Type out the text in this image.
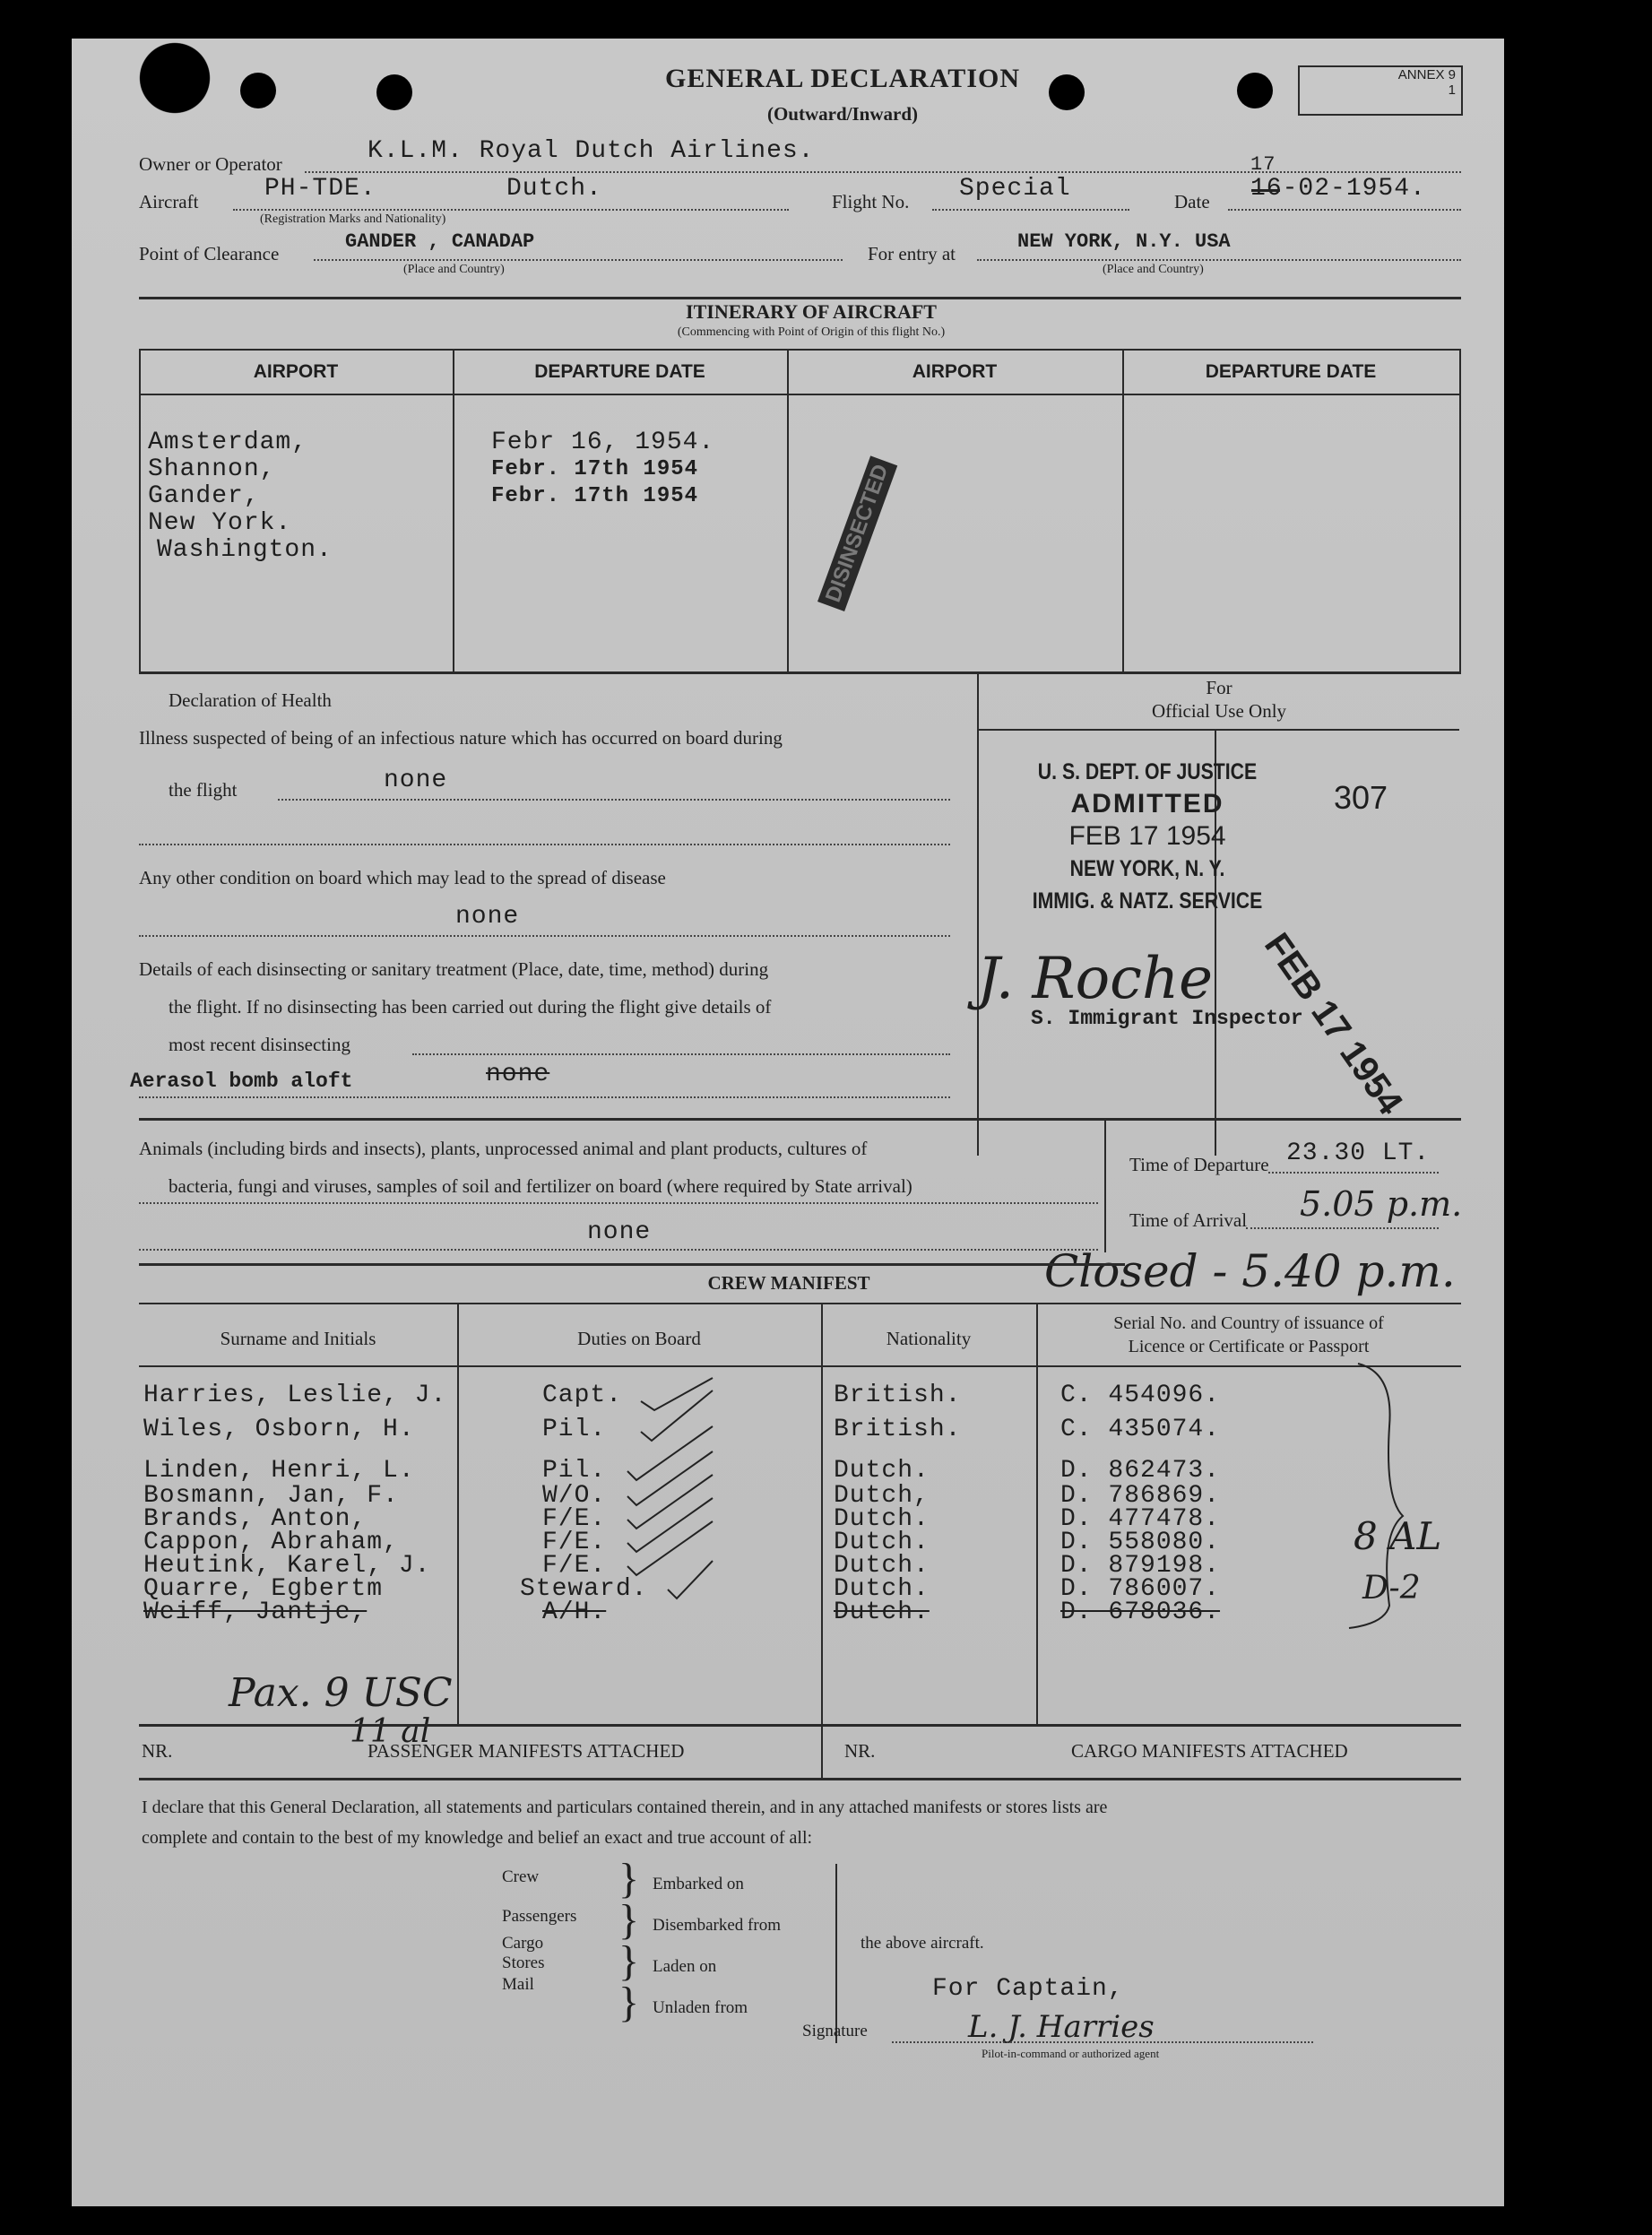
GENERAL DECLARATION
(Outward/Inward)
ANNEX 9
1
Owner or Operator	K.L.M. Royal Dutch Airlines.
Aircraft	PH-TDE.	Dutch.
(Registration Marks and Nationality)
Flight No. Special	Date
17
16-02-1954.
Point of Clearance
GANDER , CANADAP
(Place and Country)
For entry at
NEW YORK, N.Y. USA
(Place and Country)
ITINERARY OF AIRCRAFT
(Commencing with Point of Origin of this flight No.)
AIRPORT	DEPARTURE DATE	AIRPORT	DEPARTURE DATE
Amsterdam,
Shannon,
Gander,
New York.
Washington.
Febr 16, 1954.
Febr. 17th 1954
Febr. 17th 1954	DISINSECTED
Declaration of Health
Illness suspected of being of an infectious nature which has occurred on board during
the flight	none
Any other condition on board which may lead to the spread of disease
none
Details of each disinsecting or sanitary treatment (Place, date, time, method) during
the flight. If no disinsecting has been carried out during the flight give details of
most recent disinsecting
Aerasol bomb aloft	none
For
Official Use Only
U. S. DEPT. OF JUSTICE
ADMITTED
FEB 17 1954
NEW YORK, N. Y.
IMMIG. & NATZ. SERVICE
307
J. Roche
S. Immigrant Inspector
FEB 17 1954
Animals (including birds and insects), plants, unprocessed animal and plant products, cultures of
bacteria, fungi and viruses, samples of soil and fertilizer on board (where required by State arrival)
none
Time of Departure 23.30 LT.
Time of Arrival 5.05 p.m.
Closed - 5.40 p.m.
CREW MANIFEST
Surname and Initials	Duties on Board	Nationality
Serial No. and Country of issuance of
Licence or Certificate or Passport
Harries, Leslie, J.	Capt.	British.	C. 454096.
Wiles, Osborn, H.	Pil.	British.	C. 435074.
Linden, Henri, L.	Pil.	Dutch.	D. 862473.
Bosmann, Jan, F.	W/O.	Dutch,	D. 786869.
Brands, Anton,	F/E.	Dutch.	D. 477478.
Cappon, Abraham,	F/E.	Dutch.	D. 558080.
Heutink, Karel, J.	F/E.	Dutch.	D. 879198.
Quarre, Egbertm	Steward.	Dutch.	D. 786007.
Weiff, Jantje,	A/H.	Dutch.	D. 678036.
8 AL
D-2
Pax. 9 USC
11 al
NR.	PASSENGER MANIFESTS ATTACHED	NR.	CARGO MANIFESTS ATTACHED
I declare that this General Declaration, all statements and particulars contained therein, and in any attached manifests or stores lists are
complete and contain to the best of my knowledge and belief an exact and true account of all:
Crew
Passengers
Cargo
Stores
Mail
}
}
}
}
Embarked on
Disembarked from
Laden on
Unladen from
the above aircraft.
For Captain,
Signature	L. J. Harries
Pilot-in-command or authorized agent
